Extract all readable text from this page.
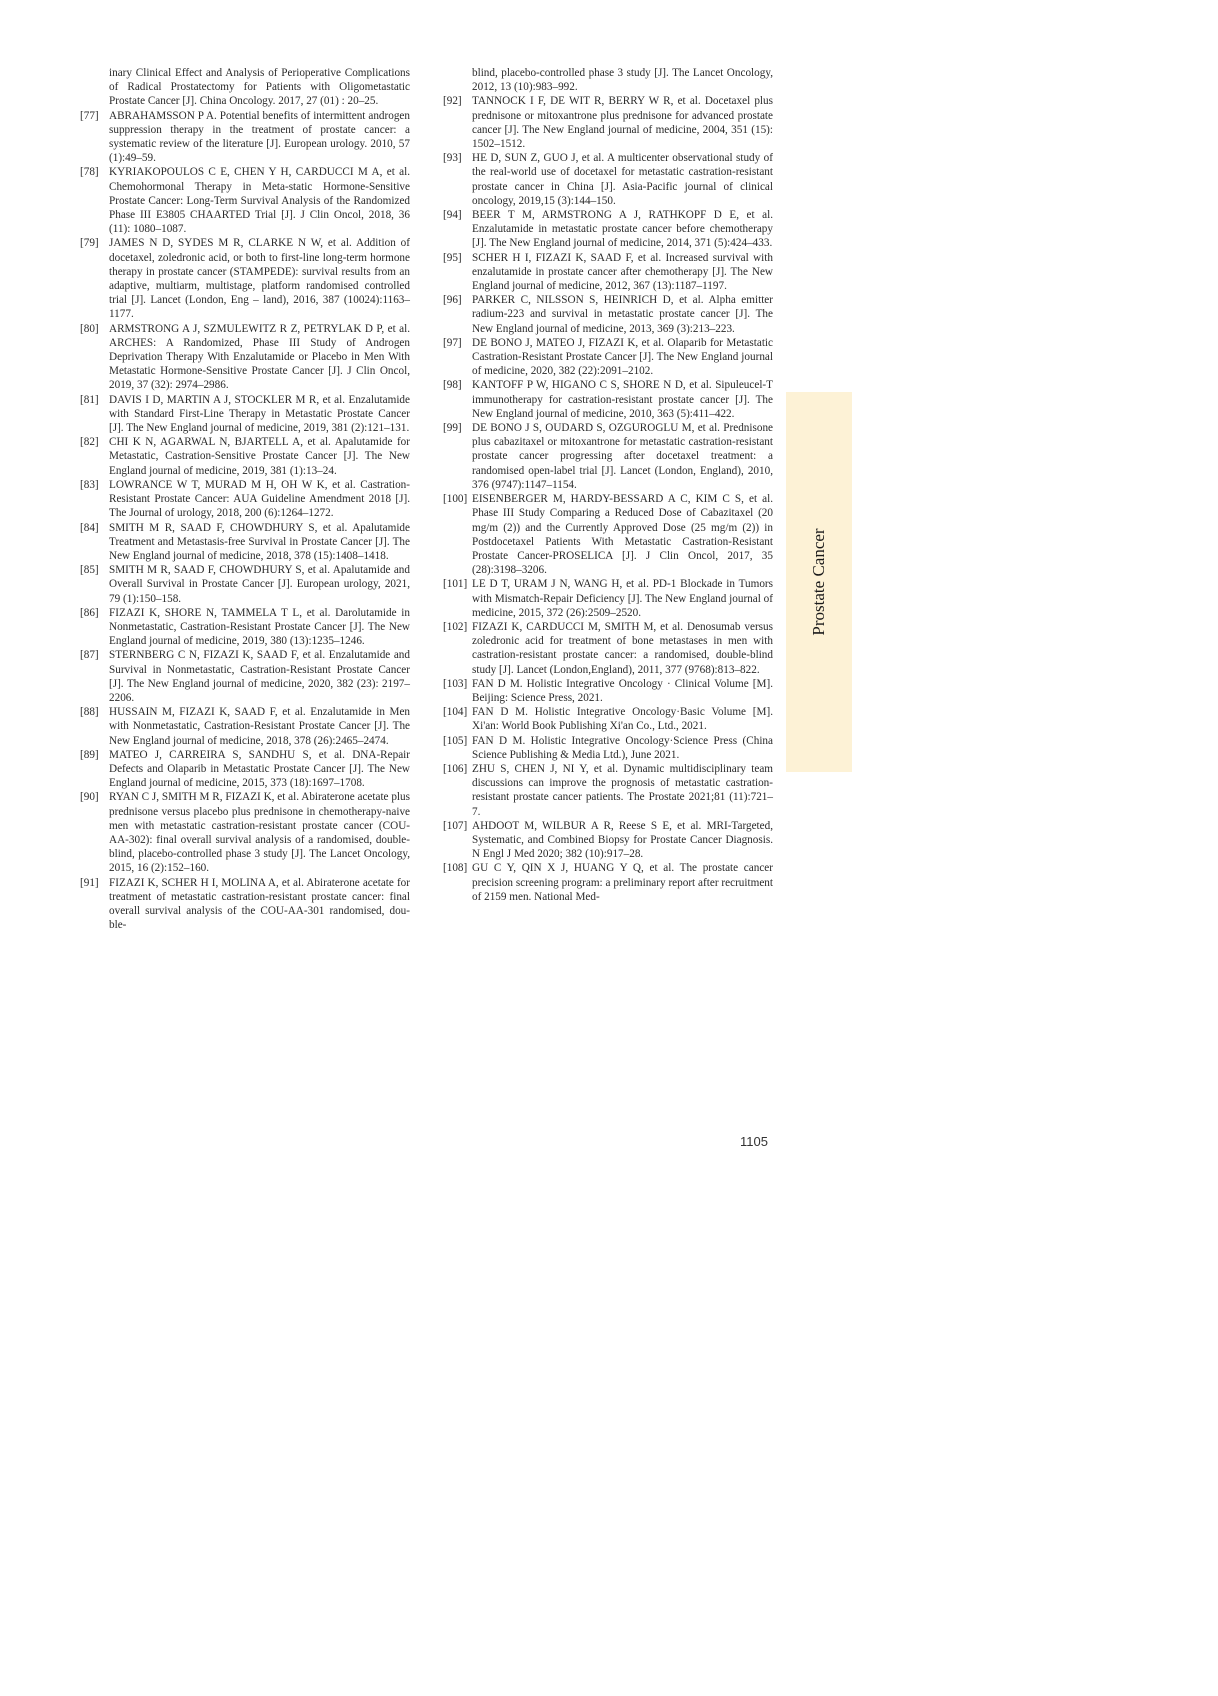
inary Clinical Effect and Analysis of Perioperative Complications of Radical Prostatectomy for Patients with Oligometastatic Prostate Cancer [J]. China Oncology. 2017, 27 (01) : 20–25.
[77] ABRAHAMSSON P A. Potential benefits of intermittent androgen suppression therapy in the treatment of prostate cancer: a systematic review of the literature [J]. European urology. 2010, 57 (1):49–59.
[78] KYRIAKOPOULOS C E, CHEN Y H, CARDUCCI M A, et al. Chemohormonal Therapy in Meta-static Hormone-Sensitive Prostate Cancer: Long-Term Survival Analysis of the Randomized Phase III E3805 CHAARTED Trial [J]. J Clin Oncol, 2018, 36 (11): 1080–1087.
[79] JAMES N D, SYDES M R, CLARKE N W, et al. Addition of docetaxel, zoledronic acid, or both to first-line long-term hormone therapy in prostate cancer (STAMPEDE): survival results from an adaptive, multiarm, multistage, platform randomised controlled trial [J]. Lancet (London, Eng – land), 2016, 387 (10024):1163–1177.
[80] ARMSTRONG A J, SZMULEWITZ R Z, PETRYLAK D P, et al. ARCHES: A Randomized, Phase III Study of Androgen Deprivation Therapy With Enzalutamide or Placebo in Men With Metastatic Hormone-Sensitive Prostate Cancer [J]. J Clin Oncol, 2019, 37 (32): 2974–2986.
[81] DAVIS I D, MARTIN A J, STOCKLER M R, et al. Enzalutamide with Standard First-Line Therapy in Metastatic Prostate Cancer [J]. The New England journal of medicine, 2019, 381 (2):121–131.
[82] CHI K N, AGARWAL N, BJARTELL A, et al. Apalutamide for Metastatic, Castration-Sensitive Prostate Cancer [J]. The New England journal of medicine, 2019, 381 (1):13–24.
[83] LOWRANCE W T, MURAD M H, OH W K, et al. Castration-Resistant Prostate Cancer: AUA Guideline Amendment 2018 [J]. The Journal of urology, 2018, 200 (6):1264–1272.
[84] SMITH M R, SAAD F, CHOWDHURY S, et al. Apalutamide Treatment and Metastasis-free Survival in Prostate Cancer [J]. The New England journal of medicine, 2018, 378 (15):1408–1418.
[85] SMITH M R, SAAD F, CHOWDHURY S, et al. Apalutamide and Overall Survival in Prostate Cancer [J]. European urology, 2021, 79 (1):150–158.
[86] FIZAZI K, SHORE N, TAMMELA T L, et al. Darolutamide in Nonmetastatic, Castration-Resistant Prostate Cancer [J]. The New England journal of medicine, 2019, 380 (13):1235–1246.
[87] STERNBERG C N, FIZAZI K, SAAD F, et al. Enzalutamide and Survival in Nonmetastatic, Castration-Resistant Prostate Cancer [J]. The New England journal of medicine, 2020, 382 (23): 2197–2206.
[88] HUSSAIN M, FIZAZI K, SAAD F, et al. Enzalutamide in Men with Nonmetastatic, Castration-Resistant Prostate Cancer [J]. The New England journal of medicine, 2018, 378 (26):2465–2474.
[89] MATEO J, CARREIRA S, SANDHU S, et al. DNA-Repair Defects and Olaparib in Metastatic Prostate Cancer [J]. The New England journal of medicine, 2015, 373 (18):1697–1708.
[90] RYAN C J, SMITH M R, FIZAZI K, et al. Abiraterone acetate plus prednisone versus placebo plus prednisone in chemotherapy-naive men with metastatic castration-resistant prostate cancer (COU-AA-302): final overall survival analysis of a randomised, double-blind, placebo-controlled phase 3 study [J]. The Lancet Oncology, 2015, 16 (2):152–160.
[91] FIZAZI K, SCHER H I, MOLINA A, et al. Abiraterone acetate for treatment of metastatic castration-resistant prostate cancer: final overall survival analysis of the COU-AA-301 randomised, dou- ble-
blind, placebo-controlled phase 3 study [J]. The Lancet Oncology, 2012, 13 (10):983–992.
[92] TANNOCK I F, DE WIT R, BERRY W R, et al. Docetaxel plus prednisone or mitoxantrone plus prednisone for advanced prostate cancer [J]. The New England journal of medicine, 2004, 351 (15): 1502–1512.
[93] HE D, SUN Z, GUO J, et al. A multicenter observational study of the real-world use of docetaxel for metastatic castration-resistant prostate cancer in China [J]. Asia-Pacific journal of clinical oncology, 2019,15 (3):144–150.
[94] BEER T M, ARMSTRONG A J, RATHKOPF D E, et al. Enzalutamide in metastatic prostate cancer before chemotherapy [J]. The New England journal of medicine, 2014, 371 (5):424–433.
[95] SCHER H I, FIZAZI K, SAAD F, et al. Increased survival with enzalutamide in prostate cancer after chemotherapy [J]. The New England journal of medicine, 2012, 367 (13):1187–1197.
[96] PARKER C, NILSSON S, HEINRICH D, et al. Alpha emitter radium-223 and survival in metastatic prostate cancer [J]. The New England journal of medicine, 2013, 369 (3):213–223.
[97] DE BONO J, MATEO J, FIZAZI K, et al. Olaparib for Metastatic Castration-Resistant Prostate Cancer [J]. The New England journal of medicine, 2020, 382 (22):2091–2102.
[98] KANTOFF P W, HIGANO C S, SHORE N D, et al. Sipuleucel-T immunotherapy for castration-resistant prostate cancer [J]. The New England journal of medicine, 2010, 363 (5):411–422.
[99] DE BONO J S, OUDARD S, OZGUROGLU M, et al. Prednisone plus cabazitaxel or mitoxantrone for metastatic castration-resistant prostate cancer progressing after docetaxel treatment: a randomised open-label trial [J]. Lancet (London, England), 2010, 376 (9747):1147–1154.
[100] EISENBERGER M, HARDY-BESSARD A C, KIM C S, et al. Phase III Study Comparing a Reduced Dose of Cabazitaxel (20 mg/m (2)) and the Currently Approved Dose (25 mg/m (2)) in Postdocetaxel Patients With Metastatic Castration-Resistant Prostate Cancer-PROSELICA [J]. J Clin Oncol, 2017, 35 (28):3198–3206.
[101] LE D T, URAM J N, WANG H, et al. PD-1 Blockade in Tumors with Mismatch-Repair Deficiency [J]. The New England journal of medicine, 2015, 372 (26):2509–2520.
[102] FIZAZI K, CARDUCCI M, SMITH M, et al. Denosumab versus zoledronic acid for treatment of bone metastases in men with castration-resistant prostate cancer: a randomised, double-blind study [J]. Lancet (London,England), 2011, 377 (9768):813–822.
[103] FAN D M. Holistic Integrative Oncology · Clinical Volume [M]. Beijing: Science Press, 2021.
[104] FAN D M. Holistic Integrative Oncology·Basic Volume [M]. Xi'an: World Book Publishing Xi'an Co., Ltd., 2021.
[105] FAN D M. Holistic Integrative Oncology·Science Press (China Science Publishing & Media Ltd.), June 2021.
[106] ZHU S, CHEN J, NI Y, et al. Dynamic multidisciplinary team discussions can improve the prognosis of metastatic castration-resistant prostate cancer patients. The Prostate 2021;81 (11):721–7.
[107] AHDOOT M, WILBUR A R, Reese S E, et al. MRI-Targeted, Systematic, and Combined Biopsy for Prostate Cancer Diagnosis. N Engl J Med 2020; 382 (10):917–28.
[108] GU C Y, QIN X J, HUANG Y Q, et al. The prostate cancer precision screening program: a preliminary report after recruitment of 2159 men. National Med-
Prostate Cancer
1105
